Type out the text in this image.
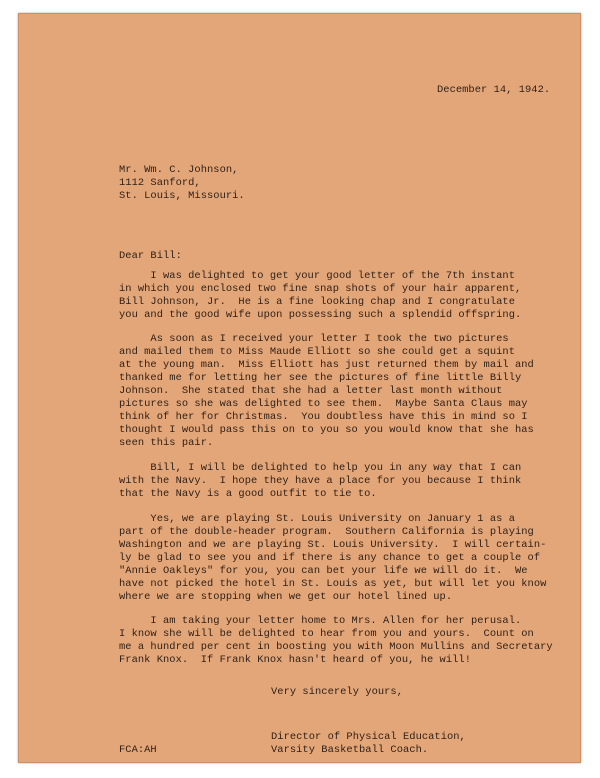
December 14, 1942.
Mr. Wm. C. Johnson,
1112 Sanford,
St. Louis, Missouri.
Dear Bill:
I was delighted to get your good letter of the 7th instant
in which you enclosed two fine snap shots of your hair apparent,
Bill Johnson, Jr.  He is a fine looking chap and I congratulate
you and the good wife upon possessing such a splendid offspring.
As soon as I received your letter I took the two pictures
and mailed them to Miss Maude Elliott so she could get a squint
at the young man.  Miss Elliott has just returned them by mail and
thanked me for letting her see the pictures of fine little Billy
Johnson.  She stated that she had a letter last month without
pictures so she was delighted to see them.  Maybe Santa Claus may
think of her for Christmas.  You doubtless have this in mind so I
thought I would pass this on to you so you would know that she has
seen this pair.
Bill, I will be delighted to help you in any way that I can
with the Navy.  I hope they have a place for you because I think
that the Navy is a good outfit to tie to.
Yes, we are playing St. Louis University on January 1 as a
part of the double-header program.  Southern California is playing
Washington and we are playing St. Louis University.  I will certain-
ly be glad to see you and if there is any chance to get a couple of
"Annie Oakleys" for you, you can bet your life we will do it.  We
have not picked the hotel in St. Louis as yet, but will let you know
where we are stopping when we get our hotel lined up.
I am taking your letter home to Mrs. Allen for her perusal.
I know she will be delighted to hear from you and yours.  Count on
me a hundred per cent in boosting you with Moon Mullins and Secretary
Frank Knox.  If Frank Knox hasn't heard of you, he will!
Very sincerely yours,
Director of Physical Education,
Varsity Basketball Coach.
FCA:AH
